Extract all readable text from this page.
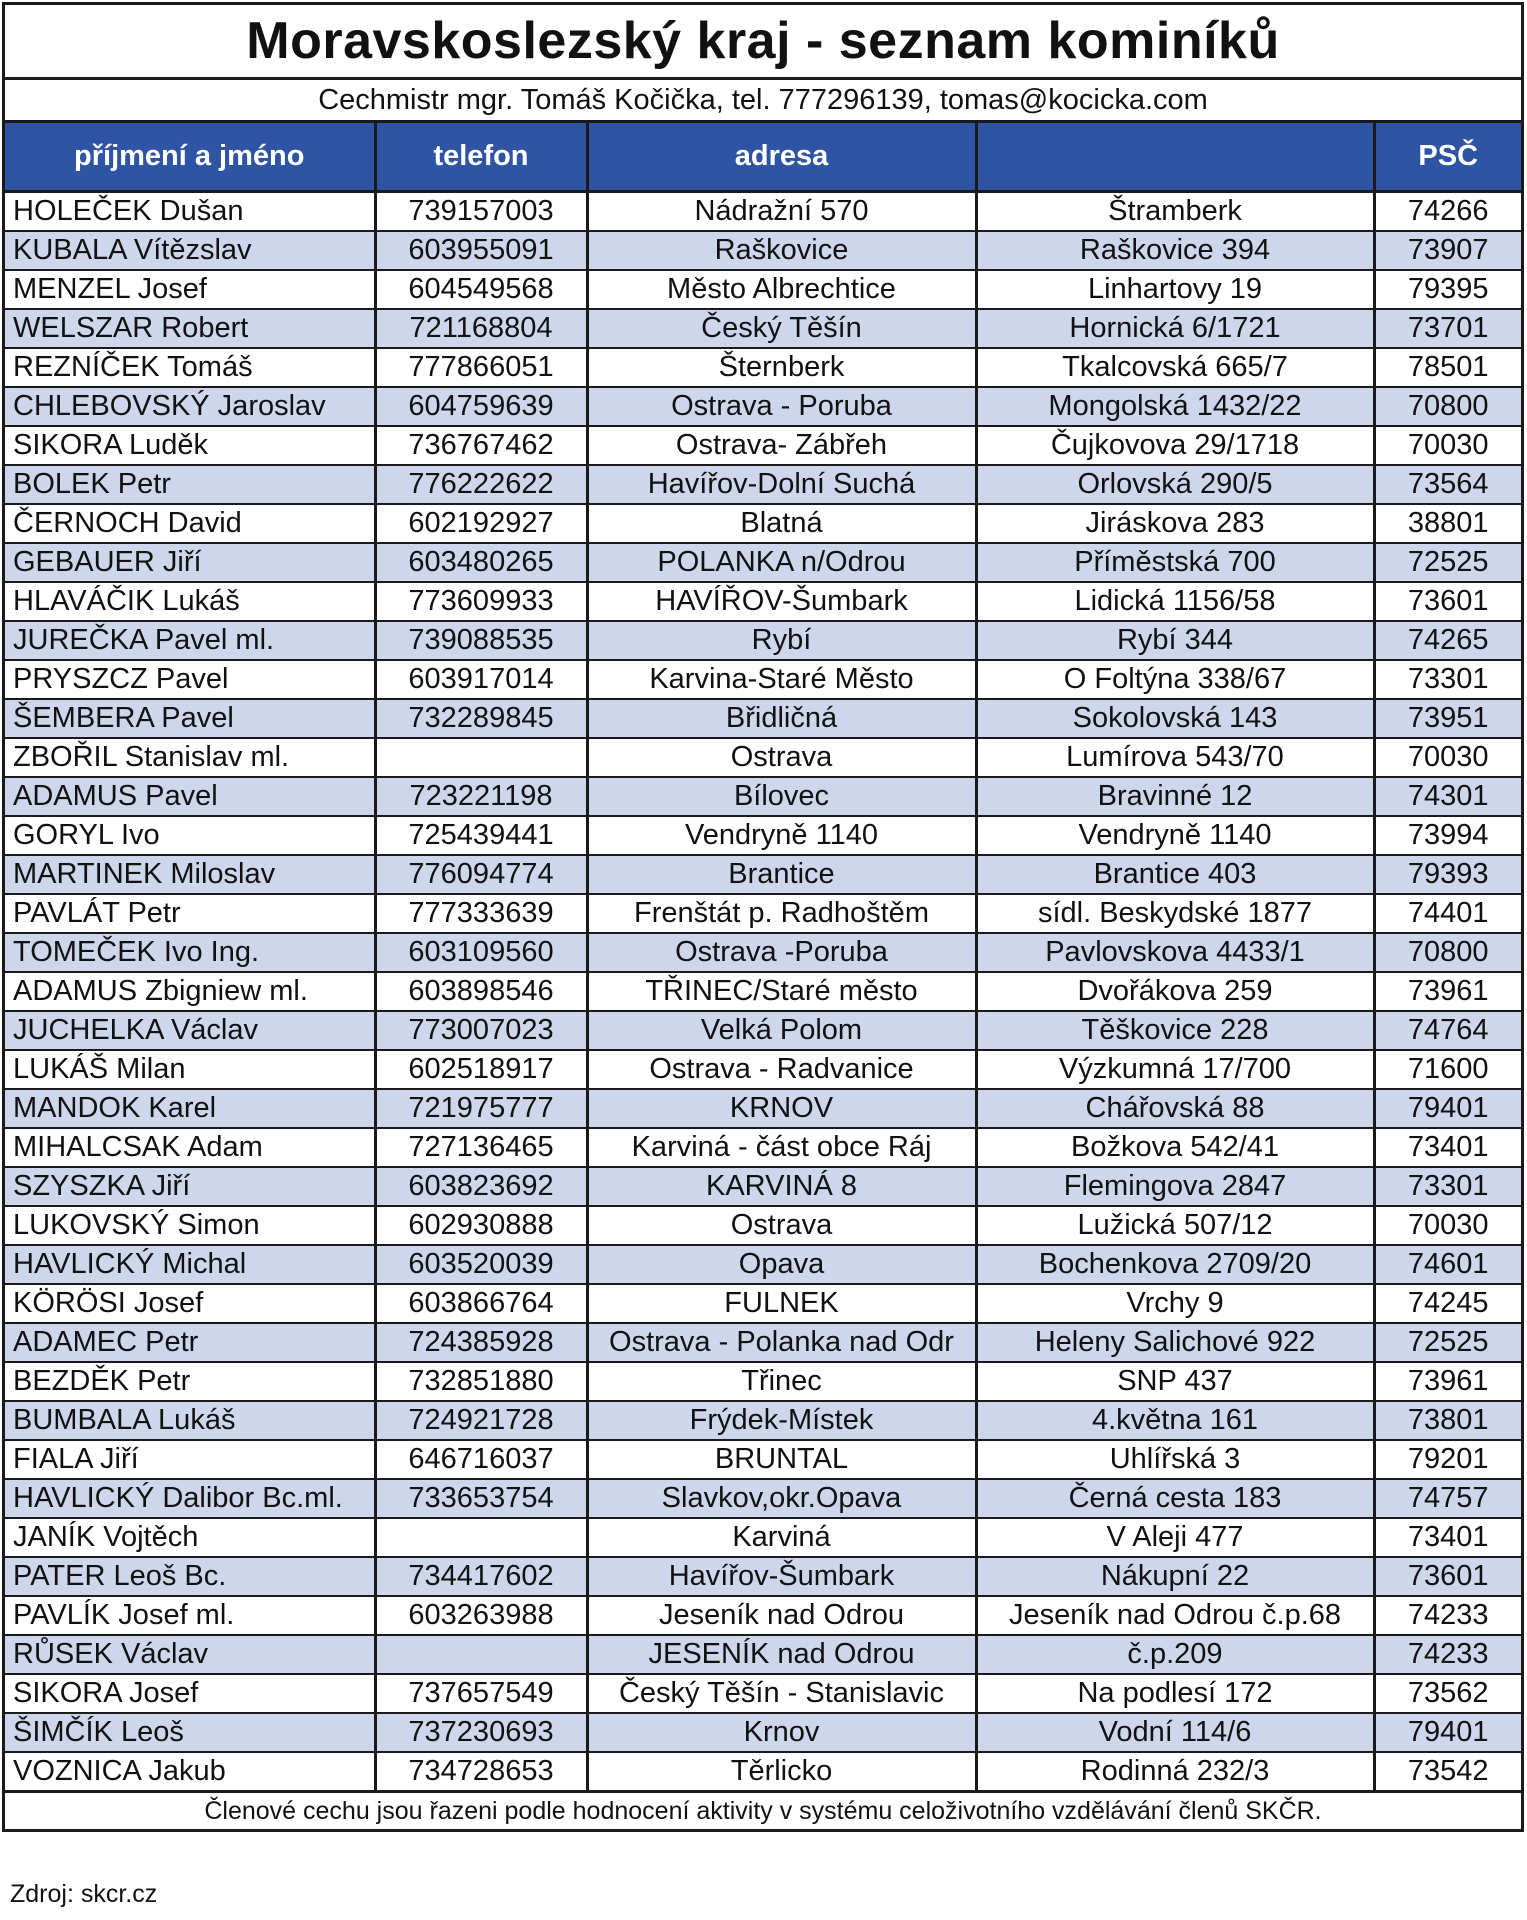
Moravskoslezský kraj - seznam kominíků
Cechmistr mgr. Tomáš Kočička, tel. 777296139, tomas@kocicka.com
příjmení a jméno	telefon	adresa		PSČ
HOLEČEK Dušan	739157003	Nádražní 570	Štramberk	74266
KUBALA Vítězslav	603955091	Raškovice	Raškovice 394	73907
MENZEL Josef	604549568	Město Albrechtice	Linhartovy 19	79395
WELSZAR Robert	721168804	Český Těšín	Hornická 6/1721	73701
REZNÍČEK Tomáš	777866051	Šternberk	Tkalcovská 665/7	78501
CHLEBOVSKÝ Jaroslav	604759639	Ostrava - Poruba	Mongolská 1432/22	70800
SIKORA Luděk	736767462	Ostrava- Zábřeh	Čujkovova 29/1718	70030
BOLEK Petr	776222622	Havířov-Dolní Suchá	Orlovská 290/5	73564
ČERNOCH David	602192927	Blatná	Jiráskova 283	38801
GEBAUER Jiří	603480265	POLANKA n/Odrou	Příměstská 700	72525
HLAVÁČIK Lukáš	773609933	HAVÍŘOV-Šumbark	Lidická 1156/58	73601
JUREČKA Pavel ml.	739088535	Rybí	Rybí 344	74265
PRYSZCZ Pavel	603917014	Karvina-Staré Město	O Foltýna 338/67	73301
ŠEMBERA Pavel	732289845	Břidličná	Sokolovská 143	73951
ZBOŘIL Stanislav ml.		Ostrava	Lumírova 543/70	70030
ADAMUS Pavel	723221198	Bílovec	Bravinné 12	74301
GORYL Ivo	725439441	Vendryně 1140	Vendryně 1140	73994
MARTINEK Miloslav	776094774	Brantice	Brantice 403	79393
PAVLÁT Petr	777333639	Frenštát p. Radhoštěm	sídl. Beskydské 1877	74401
TOMEČEK Ivo Ing.	603109560	Ostrava -Poruba	Pavlovskova 4433/1	70800
ADAMUS Zbigniew ml.	603898546	TŘINEC/Staré město	Dvořákova 259	73961
JUCHELKA Václav	773007023	Velká Polom	Těškovice 228	74764
LUKÁŠ Milan	602518917	Ostrava - Radvanice	Výzkumná 17/700	71600
MANDOK Karel	721975777	KRNOV	Chářovská 88	79401
MIHALCSAK Adam	727136465	Karviná - část obce Ráj	Božkova 542/41	73401
SZYSZKA Jiří	603823692	KARVINÁ 8	Flemingova 2847	73301
LUKOVSKÝ Simon	602930888	Ostrava	Lužická 507/12	70030
HAVLICKÝ Michal	603520039	Opava	Bochenkova 2709/20	74601
KÖRÖSI Josef	603866764	FULNEK	Vrchy 9	74245
ADAMEC Petr	724385928	Ostrava - Polanka nad Odr	Heleny Salichové 922	72525
BEZDĚK Petr	732851880	Třinec	SNP 437	73961
BUMBALA Lukáš	724921728	Frýdek-Místek	4.května 161	73801
FIALA Jiří	646716037	BRUNTAL	Uhlířská 3	79201
HAVLICKÝ Dalibor Bc.ml.	733653754	Slavkov,okr.Opava	Černá cesta 183	74757
JANÍK Vojtěch		Karviná	V Aleji 477	73401
PATER Leoš Bc.	734417602	Havířov-Šumbark	Nákupní 22	73601
PAVLÍK Josef ml.	603263988	Jeseník nad Odrou	Jeseník nad Odrou č.p.68	74233
RŮSEK Václav		JESENÍK nad Odrou	č.p.209	74233
SIKORA Josef	737657549	Český Těšín - Stanislavic	Na podlesí 172	73562
ŠIMČÍK Leoš	737230693	Krnov	Vodní 114/6	79401
VOZNICA Jakub	734728653	Těrlicko	Rodinná 232/3	73542
Členové cechu jsou řazeni podle hodnocení aktivity v systému celoživotního vzdělávání členů SKČR.
Zdroj: skcr.cz
